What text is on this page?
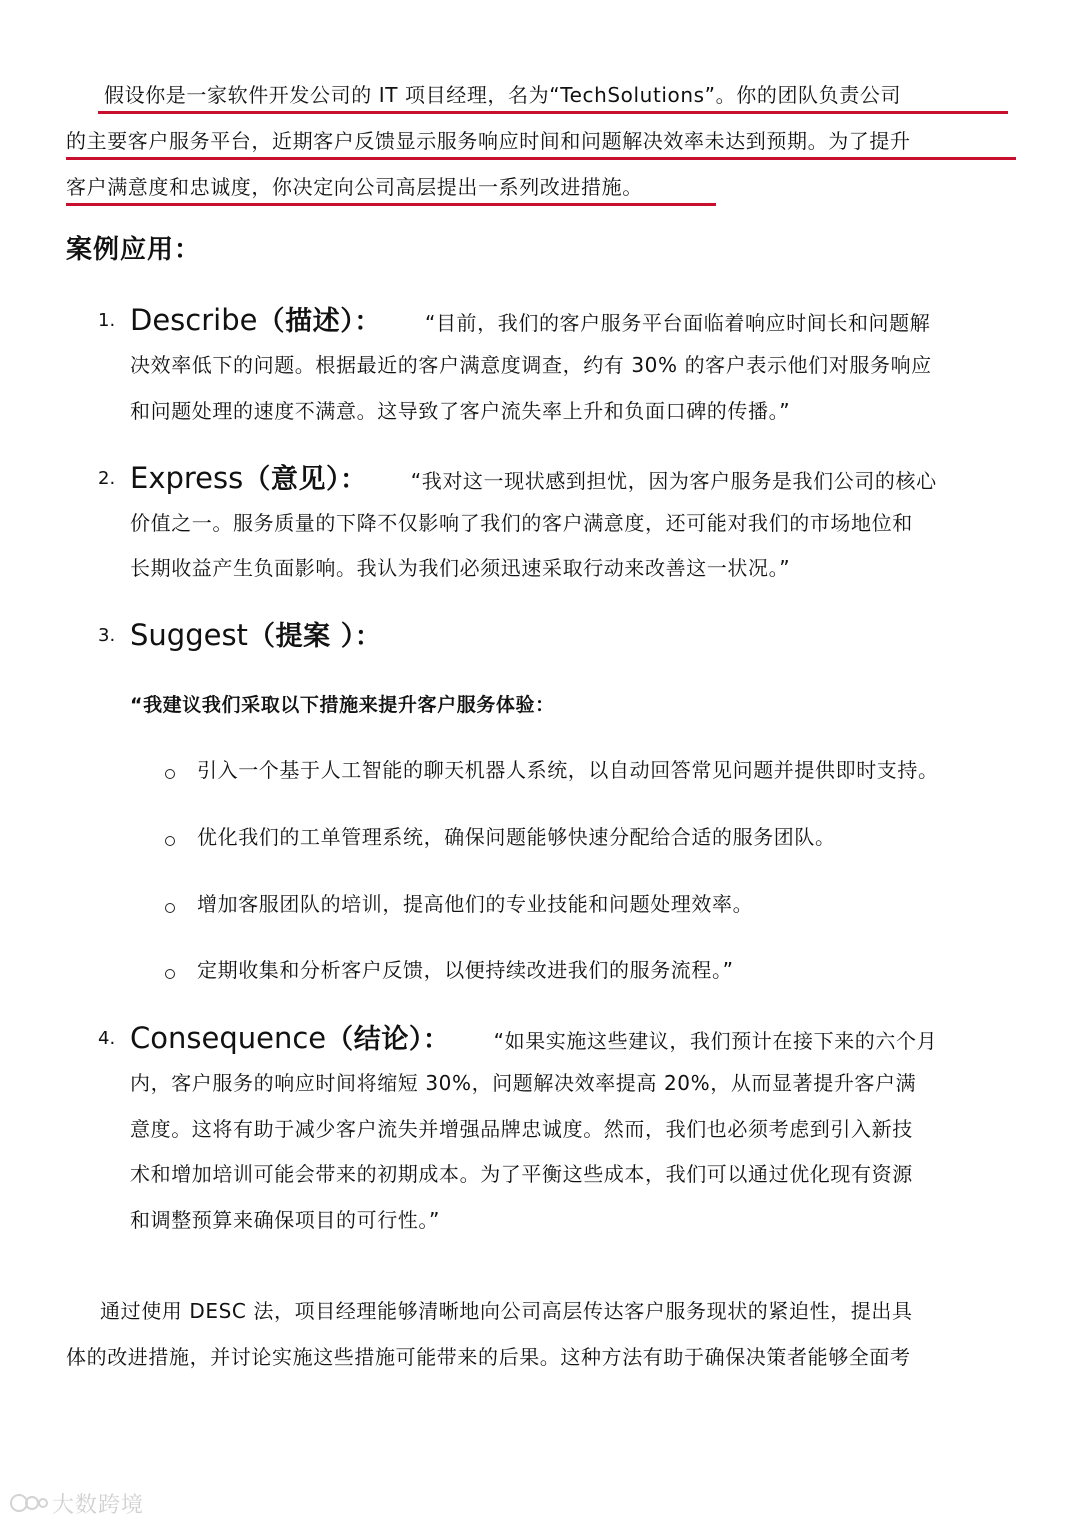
假设你是一家软件开发公司的 IT 项目经理，名为“TechSolutions”。你的团队负责公司
的主要客户服务平台，近期客户反馈显示服务响应时间和问题解决效率未达到预期。为了提升
客户满意度和忠诚度，你决定向公司高层提出一系列改进措施。
案例应用：
1. Describe（描述）： “目前，我们的客户服务平台面临着响应时间长和问题解
决效率低下的问题。根据最近的客户满意度调查，约有 30% 的客户表示他们对服务响应
和问题处理的速度不满意。这导致了客户流失率上升和负面口碑的传播。”
2. Express（意见）： “我对这一现状感到担忧，因为客户服务是我们公司的核心
价值之一。服务质量的下降不仅影响了我们的客户满意度，还可能对我们的市场地位和
长期收益产生负面影响。我认为我们必须迅速采取行动来改善这一状况。”
3. Suggest（提案 ）：
“我建议我们采取以下措施来提升客户服务体验：
引入一个基于人工智能的聊天机器人系统，以自动回答常见问题并提供即时支持。
优化我们的工单管理系统，确保问题能够快速分配给合适的服务团队。
增加客服团队的培训，提高他们的专业技能和问题处理效率。
定期收集和分析客户反馈，以便持续改进我们的服务流程。”
4. Consequence（结论）： “如果实施这些建议，我们预计在接下来的六个月
内，客户服务的响应时间将缩短 30%，问题解决效率提高 20%，从而显著提升客户满
意度。这将有助于减少客户流失并增强品牌忠诚度。然而，我们也必须考虑到引入新技
术和增加培训可能会带来的初期成本。为了平衡这些成本，我们可以通过优化现有资源
和调整预算来确保项目的可行性。”
通过使用 DESC 法，项目经理能够清晰地向公司高层传达客户服务现状的紧迫性，提出具
体的改进措施，并讨论实施这些措施可能带来的后果。这种方法有助于确保决策者能够全面考
大数跨境
